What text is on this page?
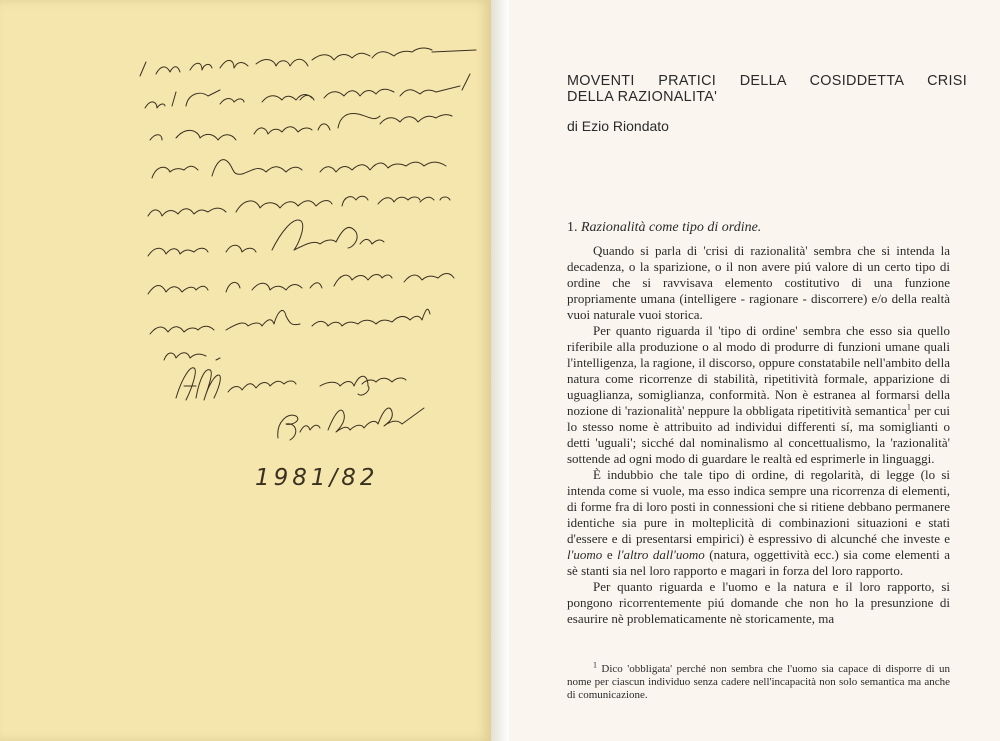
1981/82
MOVENTI PRATICI DELLA COSIDDETTA CRISI
DELLA RAZIONALITA'
di Ezio Riondato
1. Razionalità come tipo di ordine.

Quando si parla di 'crisi di razionalità' sembra che si intenda la decadenza, o la sparizione, o il non avere piú valore di un certo tipo di ordine che si ravvisava elemento costitutivo di una funzione propriamente umana (intelligere - ragionare - discorrere) e/o della realtà vuoi naturale vuoi storica.

Per quanto riguarda il 'tipo di ordine' sembra che esso sia quello riferibile alla produzione o al modo di produrre di funzioni umane quali l'intelligenza, la ragione, il discorso, oppure constatabile nell'ambito della natura come ricorrenze di stabilità, ripetitività formale, apparizione di uguaglianza, somiglianza, conformità. Non è estranea al formarsi della nozione di 'razionalità' neppure la obbligata ripetitività semantica$^1$ per cui lo stesso nome è attribuito ad individui differenti sí, ma somiglianti o detti 'uguali'; sicché dal nominalismo al concettualismo, la 'razionalità' sottende ad ogni modo di guardare le realtà ed esprimerle in linguaggi.

È indubbio che tale tipo di ordine, di regolarità, di legge (lo si intenda come si vuole, ma esso indica sempre una ricorrenza di elementi, di forme fra di loro posti in connessioni che si ritiene debbano permanere identiche sia pure in molteplicità di combinazioni situazioni e stati d'essere e di presentarsi empirici) è espressivo di alcunché che investe e l'uomo e l'altro dall'uomo (natura, oggettività ecc.) sia come elementi a sè stanti sia nel loro rapporto e magari in forza del loro rapporto.

Per quanto riguarda e l'uomo e la natura e il loro rapporto, si pongono ricorrentemente piú domande che non ho la presunzione di esaurire nè problematicamente nè storicamente, ma

$^1$ Dico 'obbligata' perché non sembra che l'uomo sia capace di disporre di un nome per ciascun individuo senza cadere nell'incapacità non solo semantica ma anche di comunicazione.
